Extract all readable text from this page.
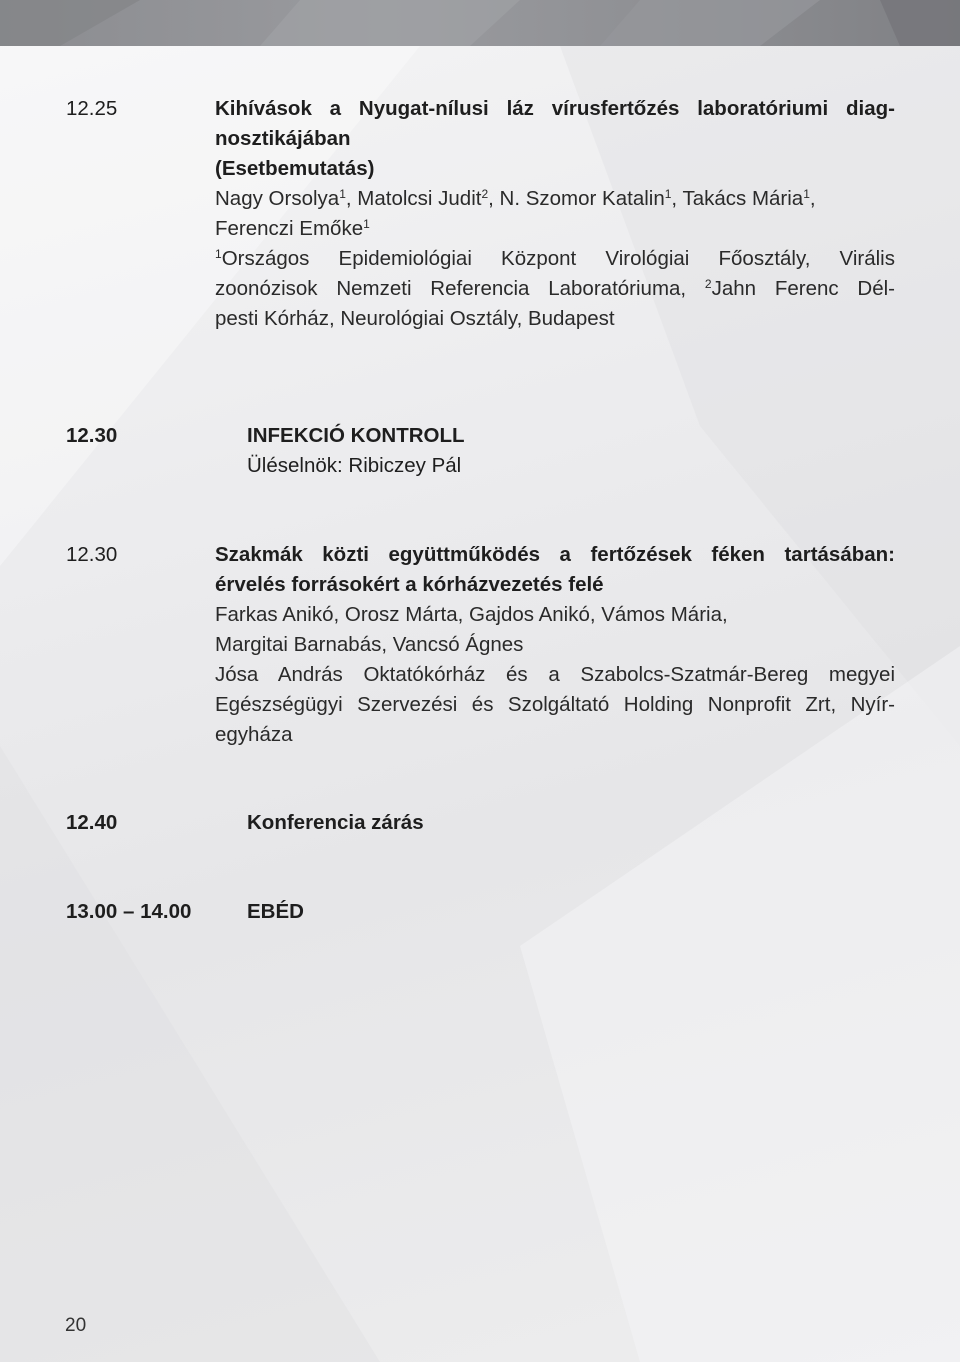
12.25	Kihívások a Nyugat-nílusi láz vírusfertőzés laboratóriumi diag-
nosztikájában
(Esetbemutatás)
Nagy Orsolya$^1$, Matolcsi Judit$^2$, N. Szomor Katalin$^1$, Takács Mária$^1$,
Ferenczi Emőke$^1$
$^1$Országos Epidemiológiai Központ Virológiai Főosztály, Virális
zoonózisok Nemzeti Referencia Laboratóriuma, $^2$Jahn Ferenc Dél-
pesti Kórház, Neurológiai Osztály, Budapest
12.30	INFEKCIÓ KONTROLL
Üléselnök: Ribiczey Pál
12.30	Szakmák közti együttműködés a fertőzések féken tartásában:
érvelés forrásokért a kórházvezetés felé
Farkas Anikó, Orosz Márta, Gajdos Anikó, Vámos Mária,
Margitai Barnabás, Vancsó Ágnes
Jósa András Oktatókórház és a Szabolcs-Szatmár-Bereg megyei
Egészségügyi Szervezési és Szolgáltató Holding Nonprofit Zrt, Nyír-
egyháza
12.40	Konferencia zárás
13.00 – 14.00	EBÉD
20
